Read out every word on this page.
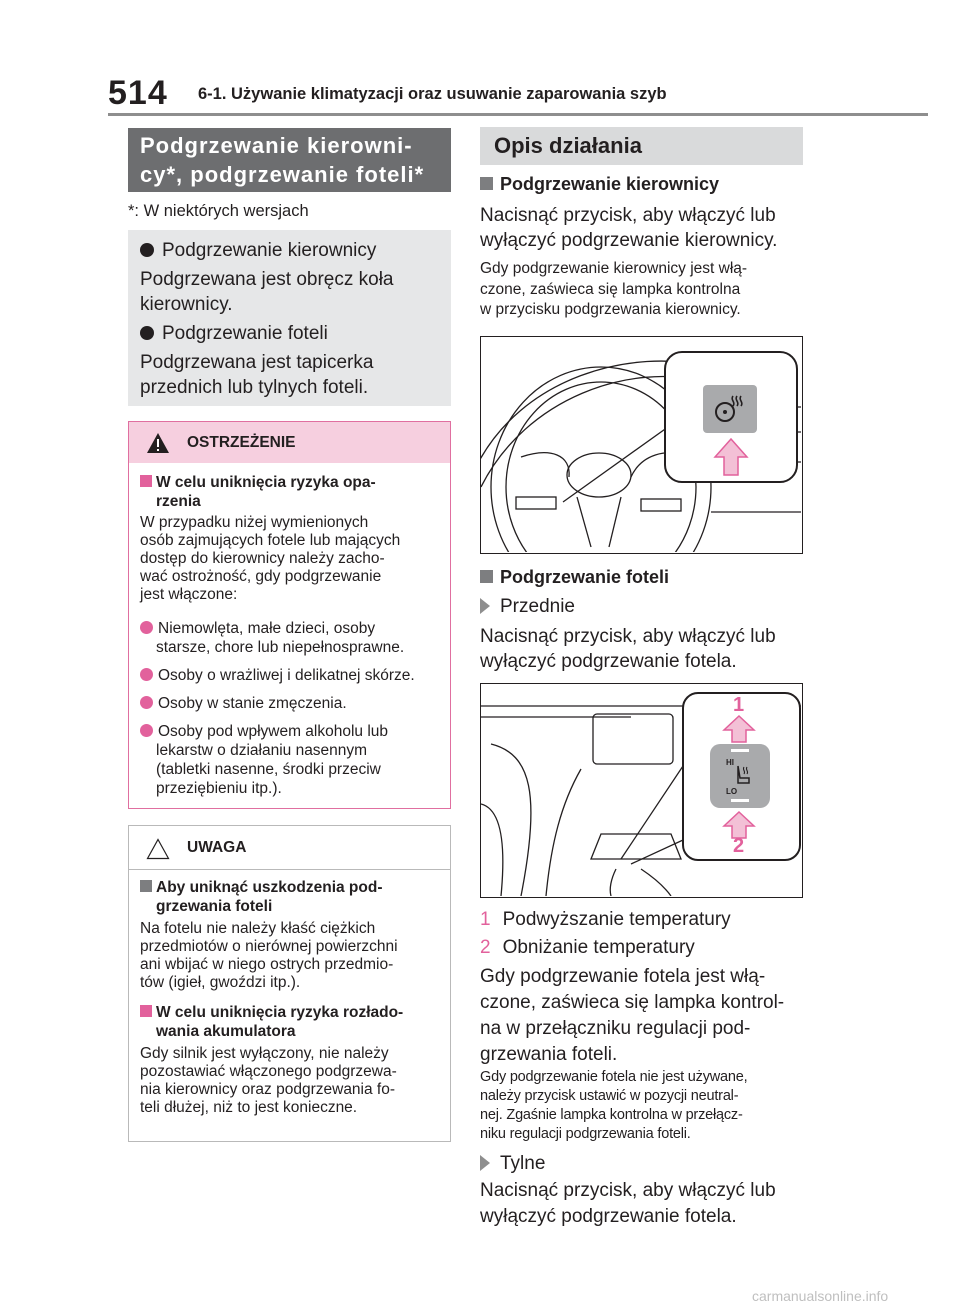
514 6-1. Używanie klimatyzacji oraz usuwanie zaparowania szyb
Podgrzewanie kierowni-
cy*, podgrzewanie foteli*
*: W niektórych wersjach
Podgrzewanie kierownicy
Podgrzewana jest obręcz koła
kierownicy.
Podgrzewanie foteli
Podgrzewana jest tapicerka
przednich lub tylnych foteli.
OSTRZEŻENIE
W celu uniknięcia ryzyka opa-
rzenia
W przypadku niżej wymienionych
osób zajmujących fotele lub mających
dostęp do kierownicy należy zacho-
wać ostrożność, gdy podgrzewanie
jest włączone:
Niemowlęta, małe dzieci, osoby
starsze, chore lub niepełnosprawne.
Osoby o wrażliwej i delikatnej skórze.
Osoby w stanie zmęczenia.
Osoby pod wpływem alkoholu lub
lekarstw o działaniu nasennym
(tabletki nasenne, środki przeciw
przeziębieniu itp.).
UWAGA
Aby uniknąć uszkodzenia pod-
grzewania foteli
Na fotelu nie należy kłaść ciężkich
przedmiotów o nierównej powierzchni
ani wbijać w niego ostrych przedmio-
tów (igieł, gwoździ itp.).
W celu uniknięcia ryzyka rozłado-
wania akumulatora
Gdy silnik jest wyłączony, nie należy
pozostawiać włączonego podgrzewa-
nia kierownicy oraz podgrzewania fo-
teli dłużej, niż to jest konieczne.
Opis działania
Podgrzewanie kierownicy
Nacisnąć przycisk, aby włączyć lub
wyłączyć podgrzewanie kierownicy.
Gdy podgrzewanie kierownicy jest włą-
czone, zaświeca się lampka kontrolna
w przycisku podgrzewania kierownicy.
Podgrzewanie foteli
Przednie
Nacisnąć przycisk, aby włączyć lub
wyłączyć podgrzewanie fotela.
1
HI
LO
2
1 Podwyższanie temperatury
2 Obniżanie temperatury
Gdy podgrzewanie fotela jest włą-
czone, zaświeca się lampka kontrol-
na w przełączniku regulacji pod-
grzewania foteli.
Gdy podgrzewanie fotela nie jest używane,
należy przycisk ustawić w pozycji neutral-
nej. Zgaśnie lampka kontrolna w przełącz-
niku regulacji podgrzewania foteli.
Tylne
Nacisnąć przycisk, aby włączyć lub
wyłączyć podgrzewanie fotela.
carmanualsonline.info
